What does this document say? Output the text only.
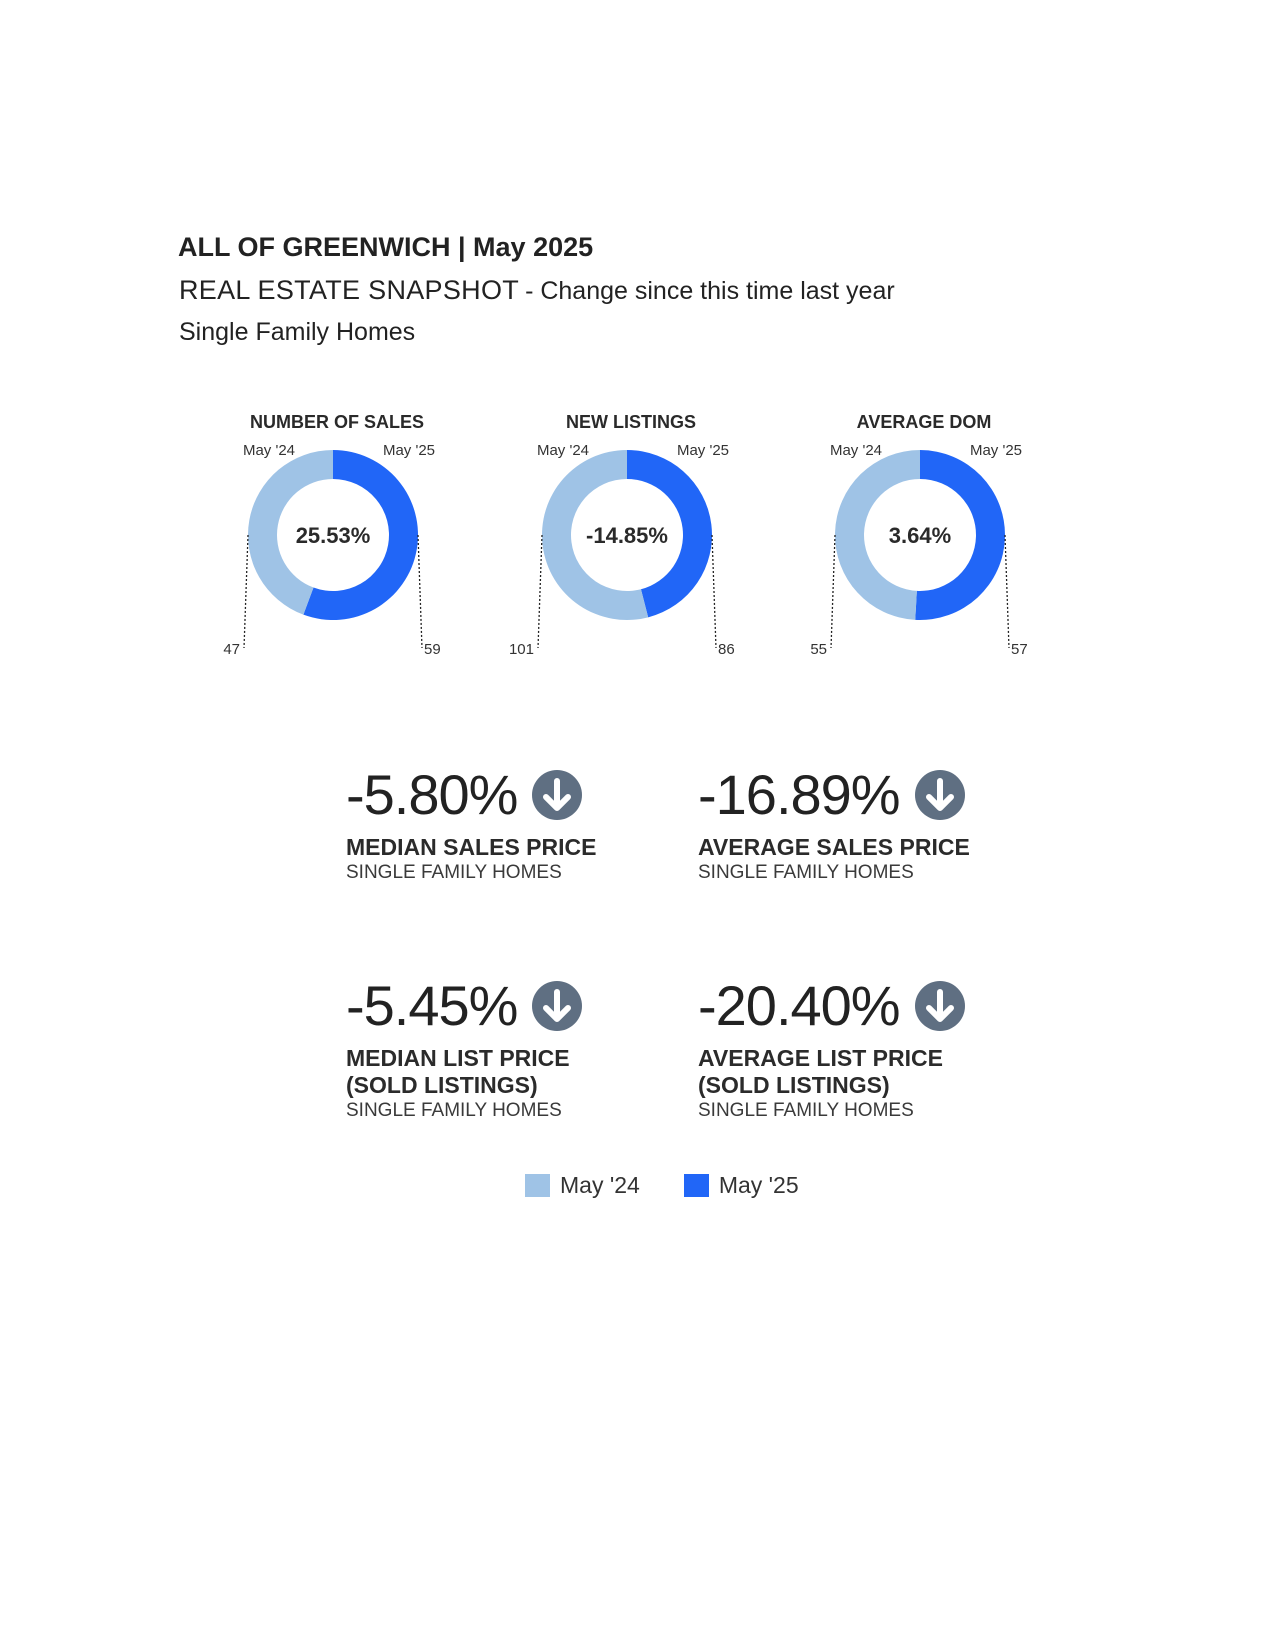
ALL OF GREENWICH | May 2025
REAL ESTATE SNAPSHOT - Change since this time last year
Single Family Homes
NUMBER OF SALES
May '24	May '25
25.53%
47	59
NEW LISTINGS
May '24	May '25
-14.85%
101	86
AVERAGE DOM
May '24	May '25
3.64%
55	57
-5.80%
MEDIAN SALES PRICE
SINGLE FAMILY HOMES
-16.89%
AVERAGE SALES PRICE
SINGLE FAMILY HOMES
-5.45%
MEDIAN LIST PRICE
(SOLD LISTINGS)
SINGLE FAMILY HOMES
-20.40%
AVERAGE LIST PRICE
(SOLD LISTINGS)
SINGLE FAMILY HOMES
May '24	May '25
